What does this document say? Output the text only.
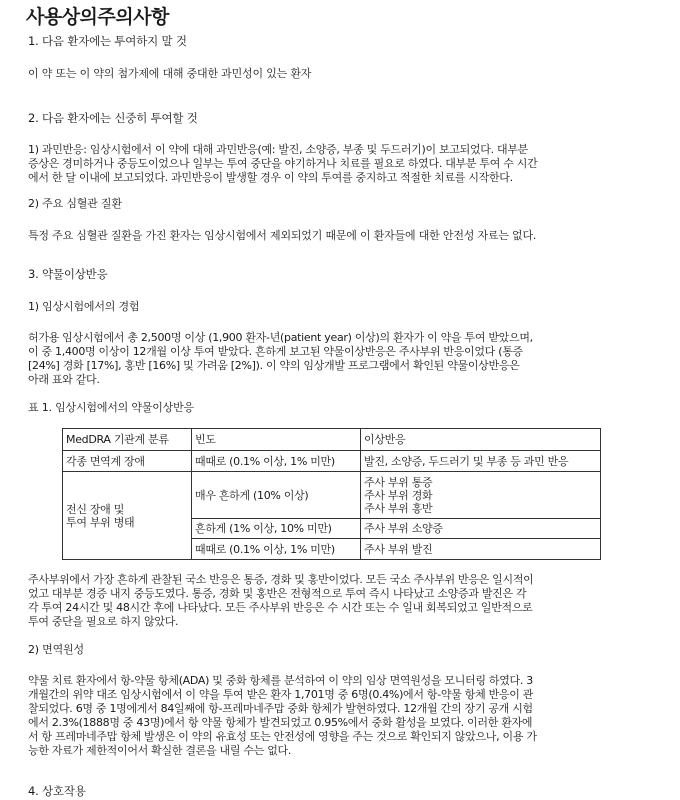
사용상의주의사항

1. 다음 환자에는 투여하지 말 것

이 약 또는 이 약의 첨가제에 대해 중대한 과민성이 있는 환자

2. 다음 환자에는 신중히 투여할 것

1) 과민반응: 임상시험에서 이 약에 대해 과민반응(예: 발진, 소양증, 부종 및 두드러기)이 보고되었다. 대부분
증상은 경미하거나 중등도이었으나 일부는 투여 중단을 야기하거나 치료를 필요로 하였다. 대부분 투여 수 시간
에서 한 달 이내에 보고되었다. 과민반응이 발생할 경우 이 약의 투여를 중지하고 적절한 치료를 시작한다.

2) 주요 심혈관 질환

특정 주요 심혈관 질환을 가진 환자는 임상시험에서 제외되었기 때문에 이 환자들에 대한 안전성 자료는 없다.

3. 약물이상반응

1) 임상시험에서의 경험

허가용 임상시험에서 총 2,500명 이상 (1,900 환자-년(patient year) 이상)의 환자가 이 약을 투여 받았으며,
이 중 1,400명 이상이 12개월 이상 투여 받았다. 흔하게 보고된 약물이상반응은 주사부위 반응이었다 (통증
[24%] 경화 [17%], 홍반 [16%] 및 가려움 [2%]). 이 약의 임상개발 프로그램에서 확인된 약물이상반응은
아래 표와 같다.

표 1. 임상시험에서의 약물이상반응

MedDRA 기관계 분류	빈도	이상반응
각종 면역계 장애	때때로 (0.1% 이상, 1% 미만)	발진, 소양증, 두드러기 및 부종 등 과민 반응

전신 장애 및
투여 부위 병태	매우 흔하게 (10% 이상)	주사 부위 통증
주사 부위 경화
주사 부위 홍반

	흔하게 (1% 이상, 10% 미만)	주사 부위 소양증
	때때로 (0.1% 이상, 1% 미만)	주사 부위 발진

주사부위에서 가장 흔하게 관찰된 국소 반응은 통증, 경화 및 홍반이었다. 모든 국소 주사부위 반응은 일시적이
었고 대부분 경증 내지 중등도였다. 통증, 경화 및 홍반은 전형적으로 투여 즉시 나타났고 소양증과 발진은 각
각 투여 24시간 및 48시간 후에 나타났다. 모든 주사부위 반응은 수 시간 또는 수 일내 회복되었고 일반적으로
투여 중단을 필요로 하지 않았다.

2) 면역원성

약물 치료 환자에서 항-약물 항체(ADA) 및 중화 항체를 분석하여 이 약의 임상 면역원성을 모니터링 하였다. 3
개월간의 위약 대조 임상시험에서 이 약을 투여 받은 환자 1,701명 중 6명(0.4%)에서 항-약물 항체 반응이 관
찰되었다. 6명 중 1명에게서 84일째에 항-프레마네주맙 중화 항체가 발현하였다. 12개월 간의 장기 공개 시험
에서 2.3%(1888명 중 43명)에서 항 약물 항체가 발견되었고 0.95%에서 중화 활성을 보였다. 이러한 환자에
서 항 프레마네주맙 항체 발생은 이 약의 유효성 또는 안전성에 영향을 주는 것으로 확인되지 않았으나, 이용 가
능한 자료가 제한적이어서 확실한 결론을 내릴 수는 없다.

4. 상호작용
